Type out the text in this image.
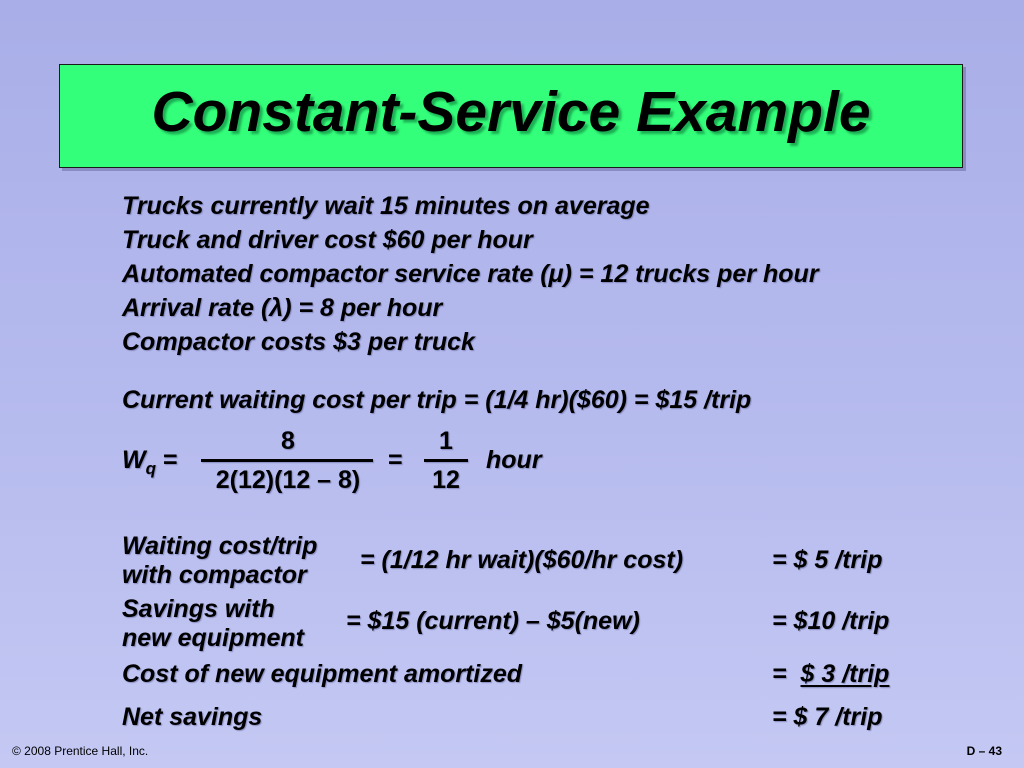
Constant-Service Example
Trucks currently wait 15 minutes on average
Truck and driver cost $60 per hour
Automated compactor service rate (μ) = 12 trucks per hour
Arrival rate (λ) = 8 per hour
Compactor costs $3 per truck
Current waiting cost per trip = (1/4 hr)($60) = $15 /trip
$W_q$ =
8
2(12)(12 – 8)
=
1
12
hour
Waiting cost/trip
with compactor
= (1/12 hr wait)($60/hr cost)	= $ 5 /trip
Savings with
new equipment
= $15 (current) – $5(new)	= $10 /trip
Cost of new equipment amortized	= $ 3 /trip
Net savings	= $ 7 /trip
© 2008 Prentice Hall, Inc.	D – 43
